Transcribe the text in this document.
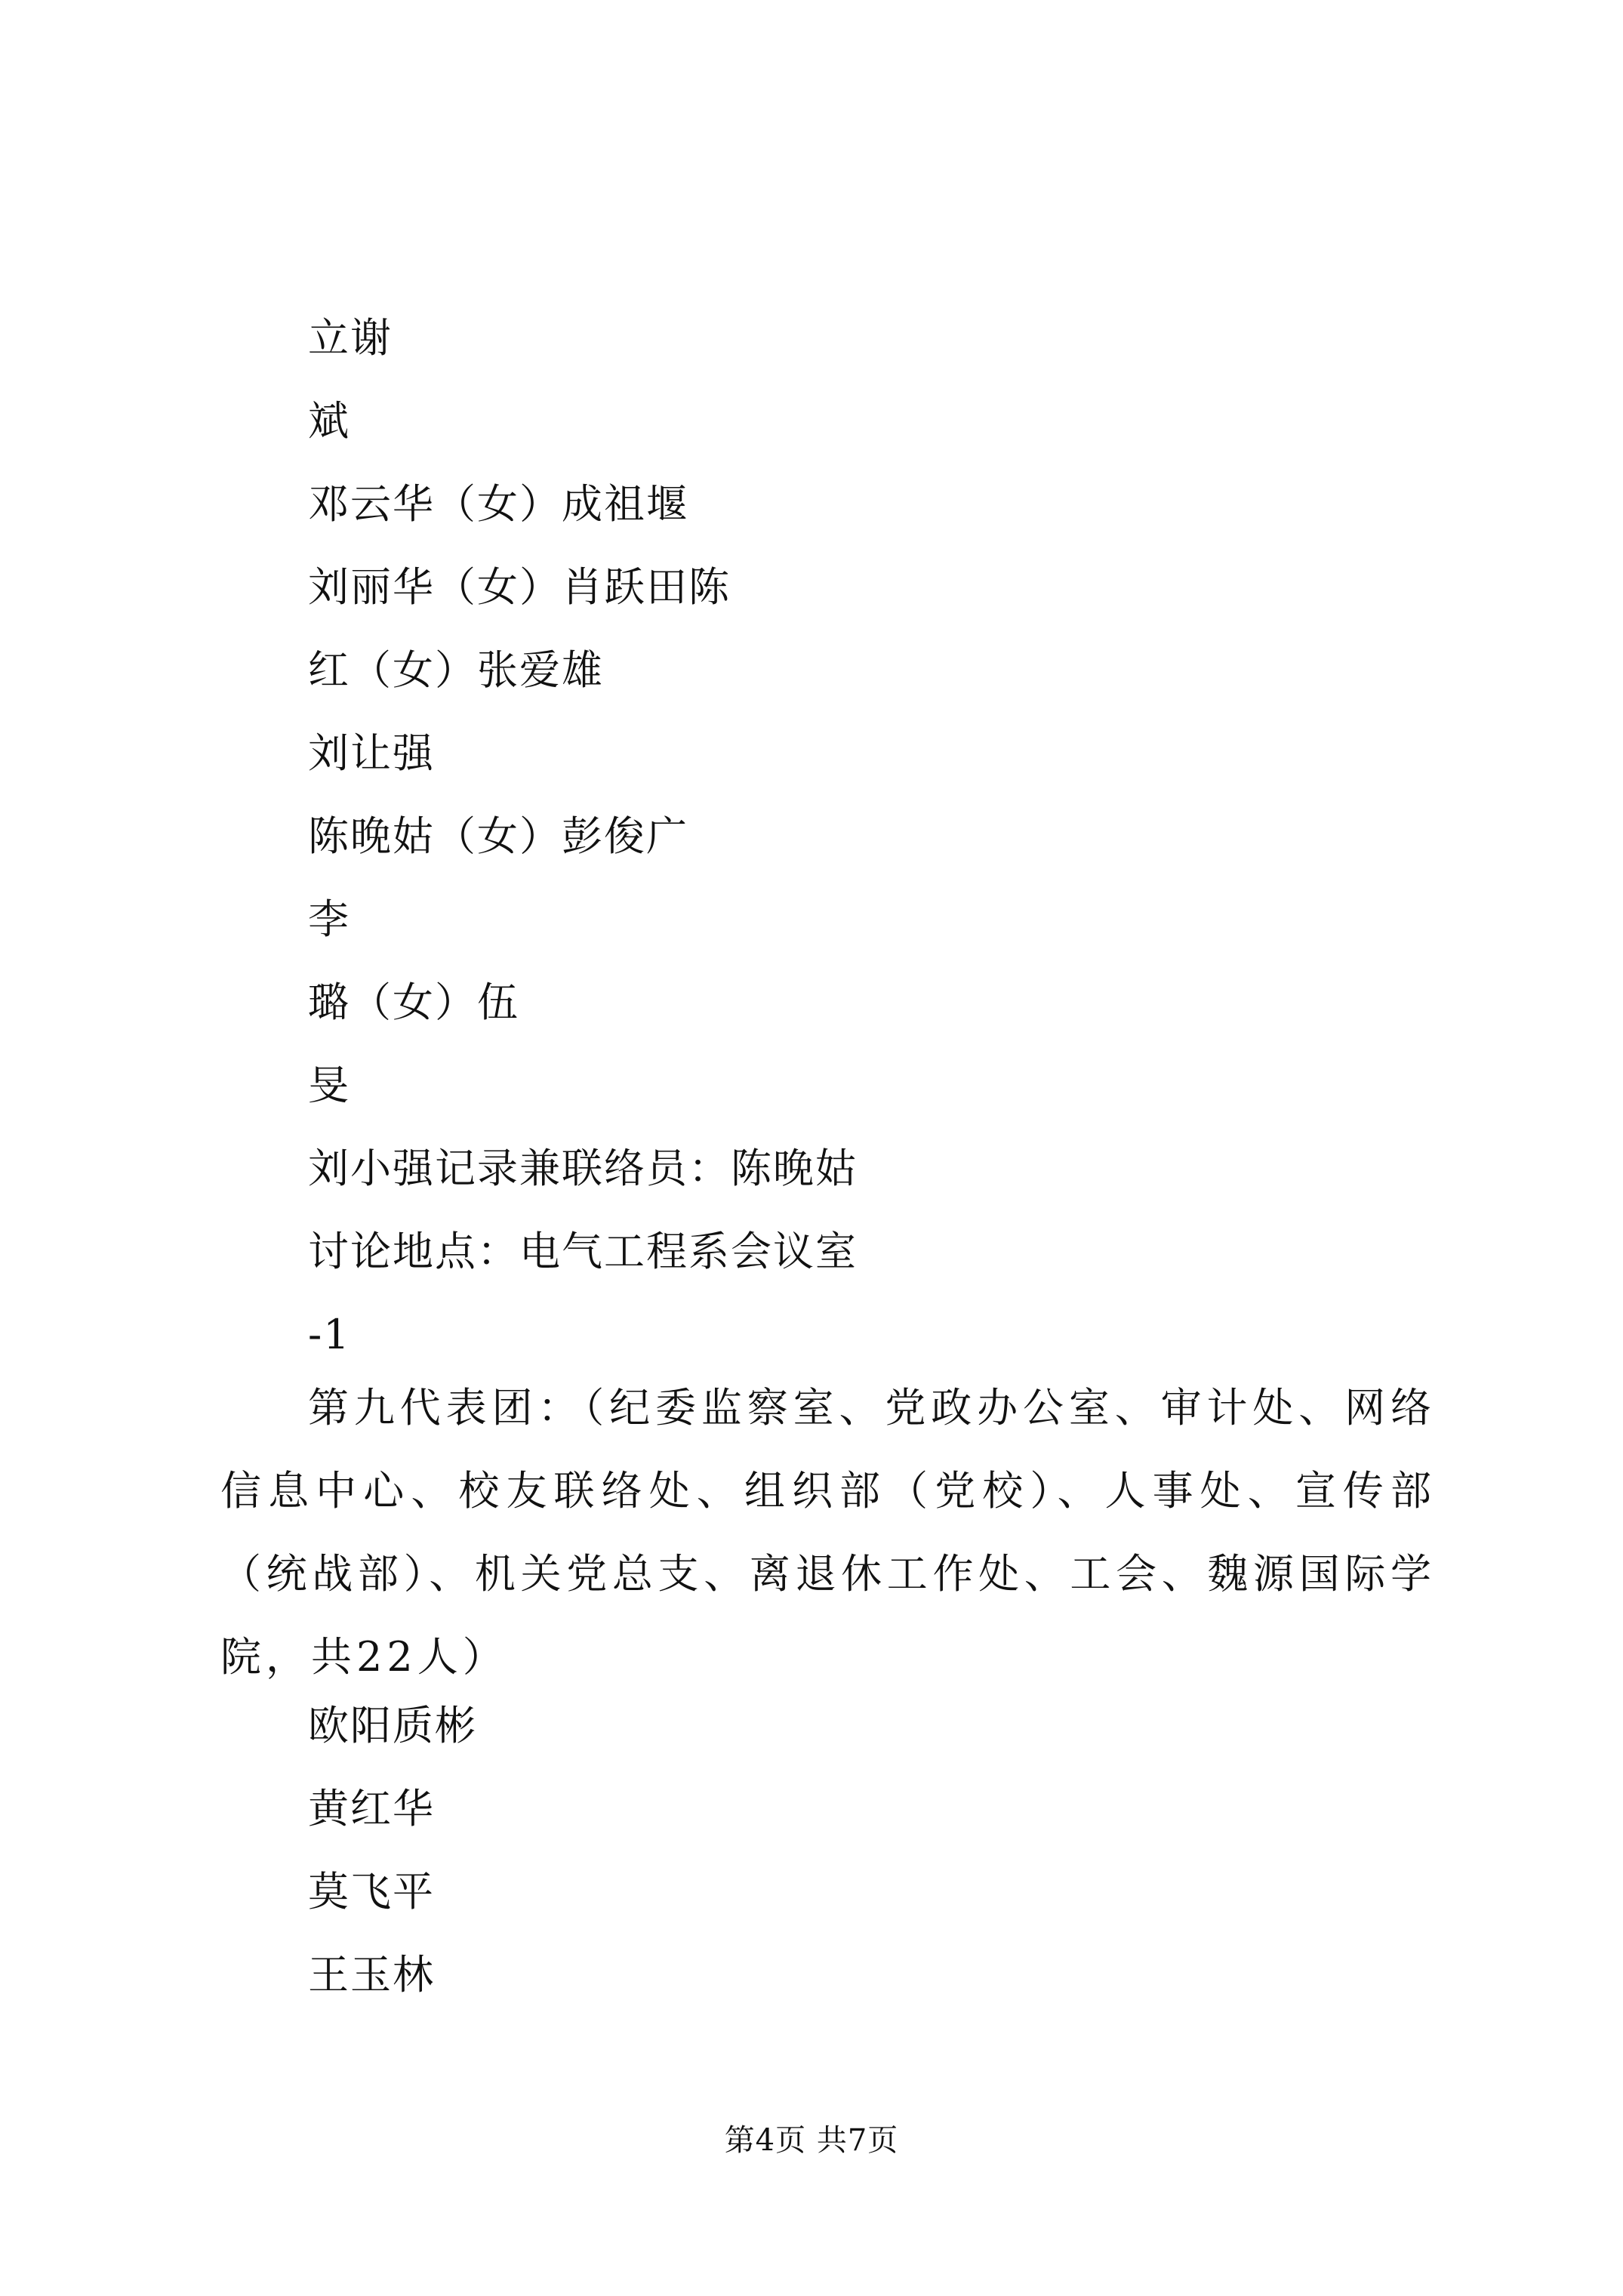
立谢
斌
邓云华（女）成祖堰
刘丽华（女）肖跃田陈
红（女）张爱雄
刘让强
陈晚姑（女）彭俊广
李
璐（女）伍
旻
刘小强记录兼联络员：陈晚姑
讨论地点：电气工程系会议室
-1
第九代表团：（纪委监察室、党政办公室、审计处、网络信息中心、校友联络处、组织部（党校）、人事处、宣传部（统战部）、机关党总支、离退休工作处、工会、魏源国际学院，共22人）
欧阳质彬
黄红华
莫飞平
王玉林
第4页 共7页
